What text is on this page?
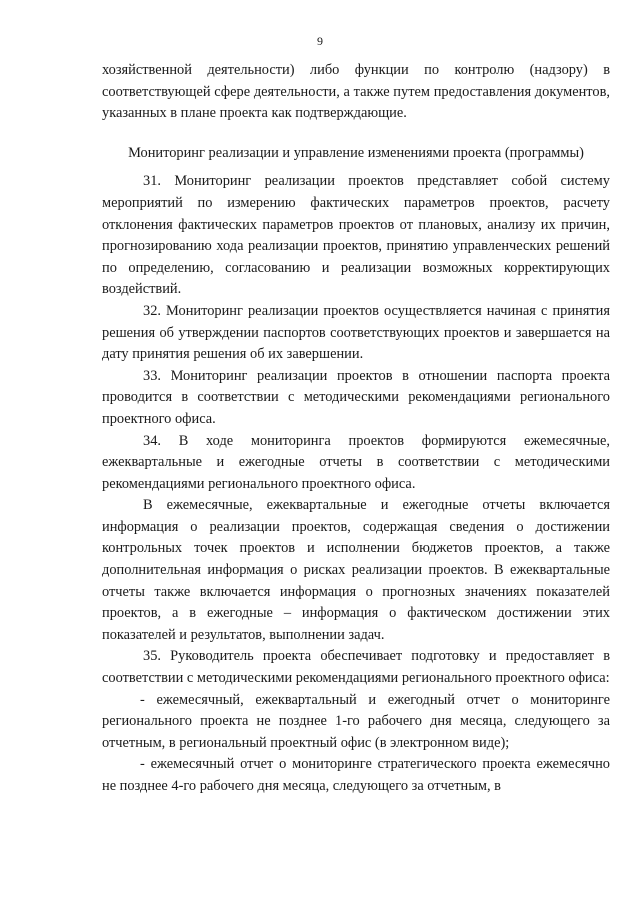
9

хозяйственной деятельности) либо функции по контролю (надзору) в соответствующей сфере деятельности, а также путем предоставления документов, указанных в плане проекта как подтверждающие.

Мониторинг реализации и управление изменениями проекта (программы)

31. Мониторинг реализации проектов представляет собой систему мероприятий по измерению фактических параметров проектов, расчету отклонения фактических параметров проектов от плановых, анализу их причин, прогнозированию хода реализации проектов, принятию управленческих решений по определению, согласованию и реализации возможных корректирующих воздействий.

32. Мониторинг реализации проектов осуществляется начиная с принятия решения об утверждении паспортов соответствующих проектов и завершается на дату принятия решения об их завершении.

33. Мониторинг реализации проектов в отношении паспорта проекта проводится в соответствии с методическими рекомендациями регионального проектного офиса.

34. В ходе мониторинга проектов формируются ежемесячные, ежеквартальные и ежегодные отчеты в соответствии с методическими рекомендациями регионального проектного офиса.

В ежемесячные, ежеквартальные и ежегодные отчеты включается информация о реализации проектов, содержащая сведения о достижении контрольных точек проектов и исполнении бюджетов проектов, а также дополнительная информация о рисках реализации проектов. В ежеквартальные отчеты также включается информация о прогнозных значениях показателей проектов, а в ежегодные – информация о фактическом достижении этих показателей и результатов, выполнении задач.

35. Руководитель проекта обеспечивает подготовку и предоставляет в соответствии с методическими рекомендациями регионального проектного офиса:

- ежемесячный, ежеквартальный и ежегодный отчет о мониторинге регионального проекта не позднее 1-го рабочего дня месяца, следующего за отчетным, в региональный проектный офис (в электронном виде);

- ежемесячный отчет о мониторинге стратегического проекта ежемесячно не позднее 4-го рабочего дня месяца, следующего за отчетным, в
